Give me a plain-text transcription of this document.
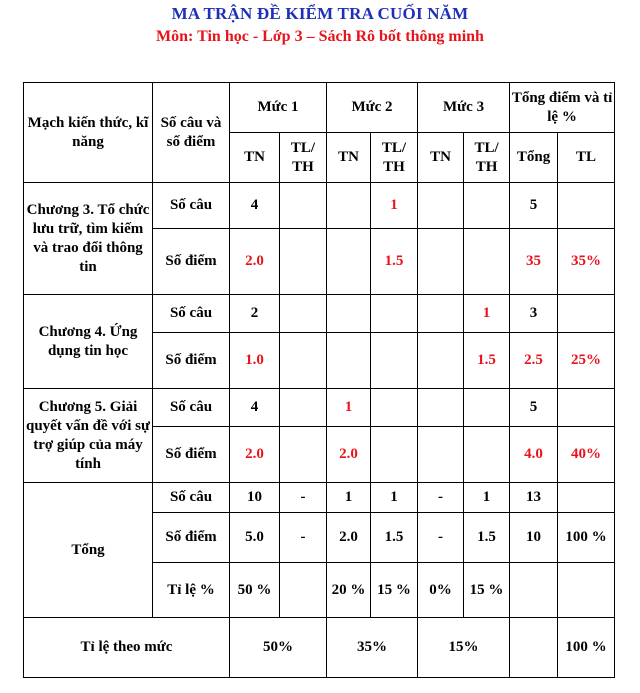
MA TRẬN ĐỀ KIỂM TRA CUỐI NĂM
Môn: Tin học - Lớp 3 – Sách Rô bốt thông minh
Mạch kiến thức, kĩ năng	Số câu và số điểm	Mức 1		Mức 2		Mức 3		Tổng điểm và tỉ lệ %	
		TN	TL/ TH	TN	TL/ TH	TN	TL/ TH	Tổng	TL
Chương 3. Tổ chức lưu trữ, tìm kiếm và trao đổi thông tin	Số câu	4			1			5	
	Số điểm	2.0			1.5			35	35%
Chương 4. Ứng dụng tin học	Số câu	2					1	3	
	Số điểm	1.0					1.5	2.5	25%
Chương 5. Giải quyết vấn đề với sự trợ giúp của máy tính	Số câu	4		1				5	
	Số điểm	2.0		2.0				4.0	40%
Tổng	Số câu	10	-	1	1	-	1	13	
	Số điểm	5.0	-	2.0	1.5	-	1.5	10	100 %
	Tỉ lệ %	50 %		20 %	15 %	0%	15 %		
Tỉ lệ theo mức		50%		35%		15%			100 %
